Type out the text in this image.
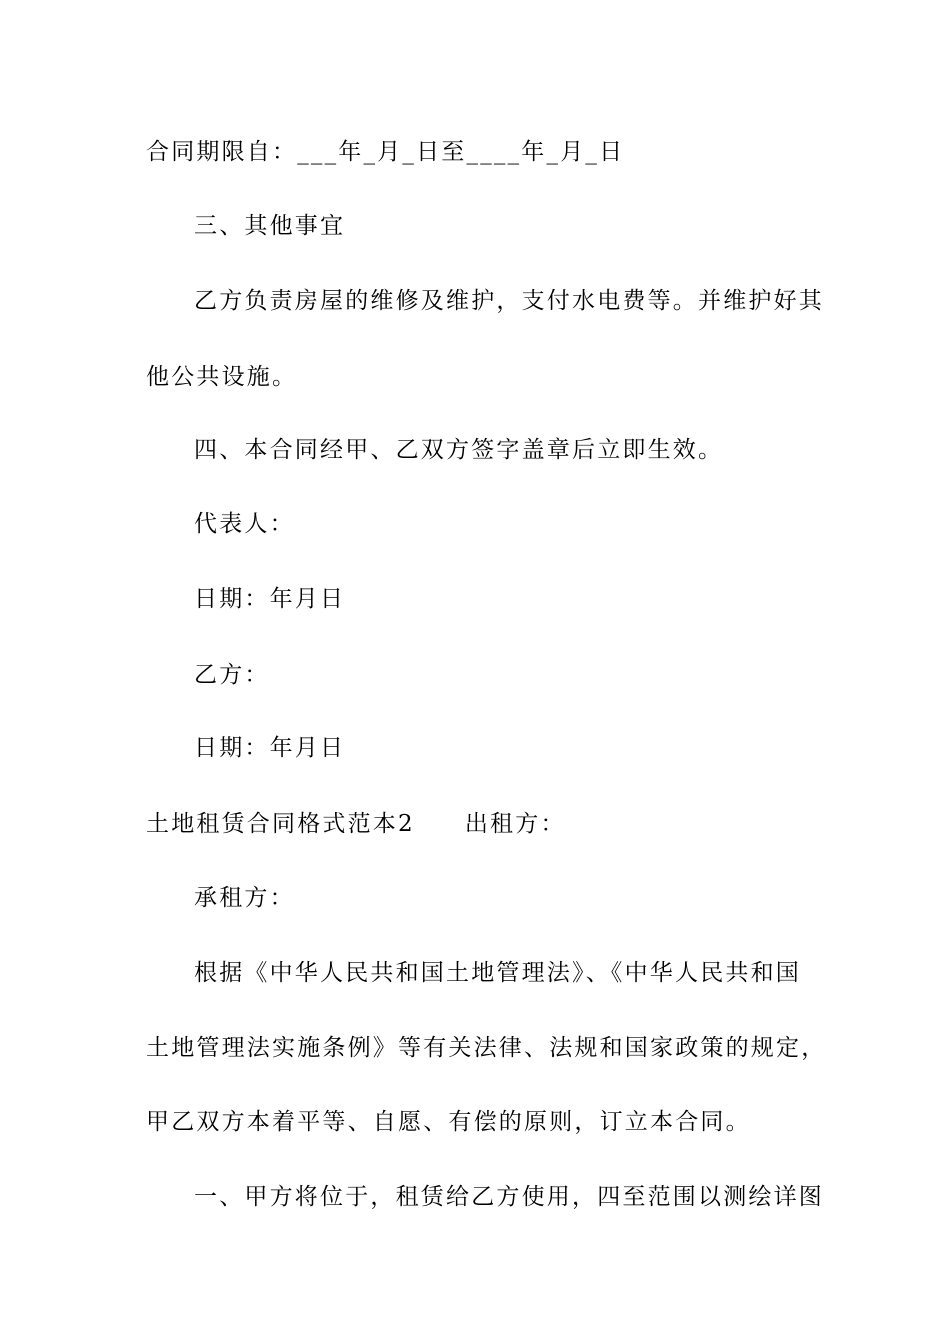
合同期限自：___年_月_日至____年_月_日
三、其他事宜
乙方负责房屋的维修及维护，支付水电费等。并维护好其
他公共设施。
四、本合同经甲、乙双方签字盖章后立即生效。
代表人：
日期：年月日
乙方：
日期：年月日
土地租赁合同格式范本2 出租方：
承租方：
根据《中华人民共和国土地管理法》、《中华人民共和国
土地管理法实施条例》等有关法律、法规和国家政策的规定，
甲乙双方本着平等、自愿、有偿的原则，订立本合同。
一、甲方将位于，租赁给乙方使用，四至范围以测绘详图
